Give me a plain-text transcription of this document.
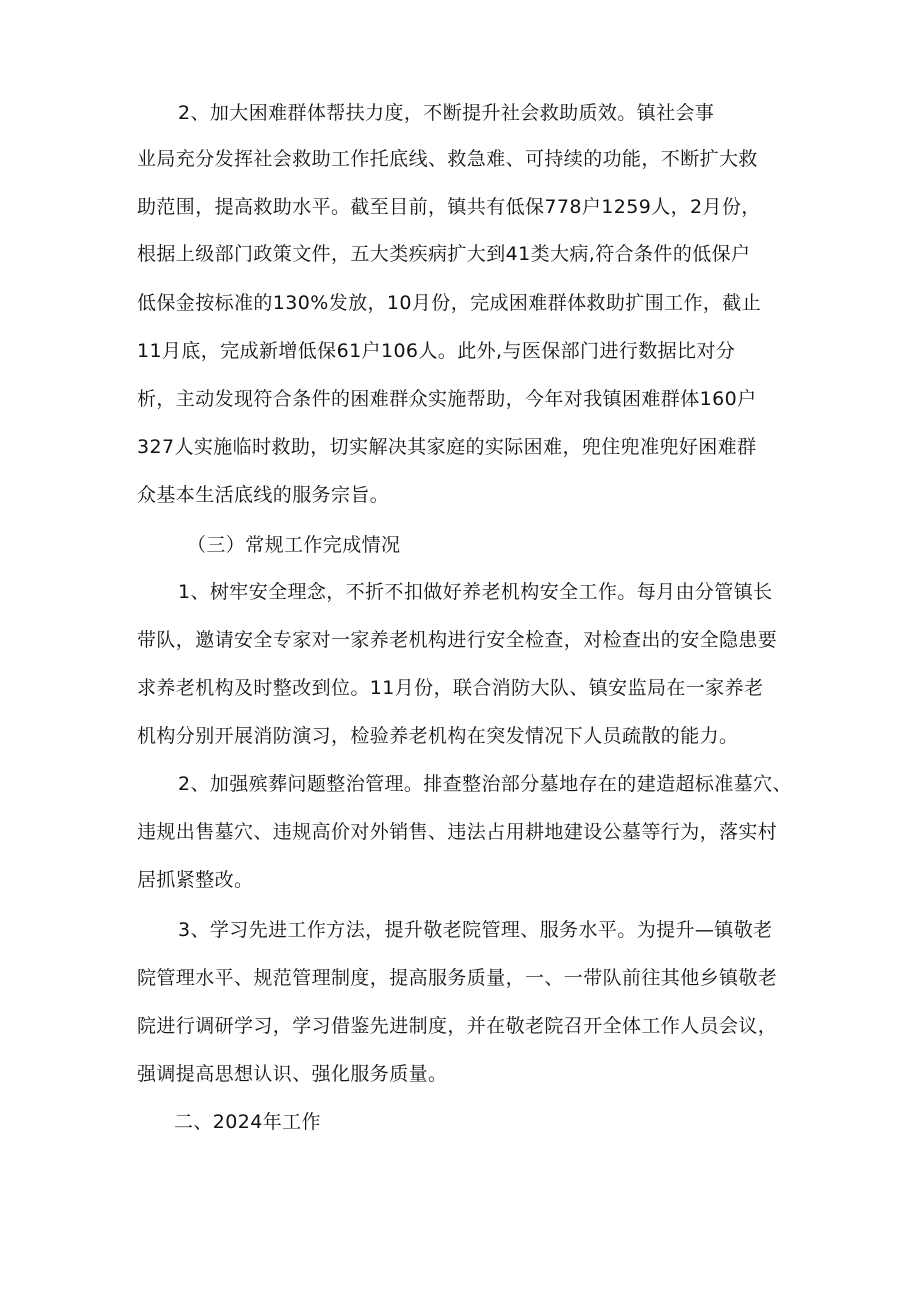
2、加大困难群体帮扶力度，不断提升社会救助质效。镇社会事
业局充分发挥社会救助工作托底线、救急难、可持续的功能，不断扩大救
助范围，提高救助水平。截至目前，镇共有低保778户1259人，2月份，
根据上级部门政策文件，五大类疾病扩大到41类大病,符合条件的低保户
低保金按标准的130%发放，10月份，完成困难群体救助扩围工作，截止
11月底，完成新增低保61户106人。此外,与医保部门进行数据比对分
析，主动发现符合条件的困难群众实施帮助，今年对我镇困难群体160户
327人实施临时救助，切实解决其家庭的实际困难，兜住兜准兜好困难群
众基本生活底线的服务宗旨。
（三）常规工作完成情况
1、树牢安全理念，不折不扣做好养老机构安全工作。每月由分管镇长
带队，邀请安全专家对一家养老机构进行安全检查，对检查出的安全隐患要
求养老机构及时整改到位。11月份，联合消防大队、镇安监局在一家养老
机构分别开展消防演习，检验养老机构在突发情况下人员疏散的能力。
2、加强殡葬问题整治管理。排查整治部分墓地存在的建造超标准墓穴、
违规出售墓穴、违规高价对外销售、违法占用耕地建设公墓等行为，落实村
居抓紧整改。
3、学习先进工作方法，提升敬老院管理、服务水平。为提升—镇敬老
院管理水平、规范管理制度，提高服务质量，一、一带队前往其他乡镇敬老
院进行调研学习，学习借鉴先进制度，并在敬老院召开全体工作人员会议，
强调提高思想认识、强化服务质量。
二、2024年工作
